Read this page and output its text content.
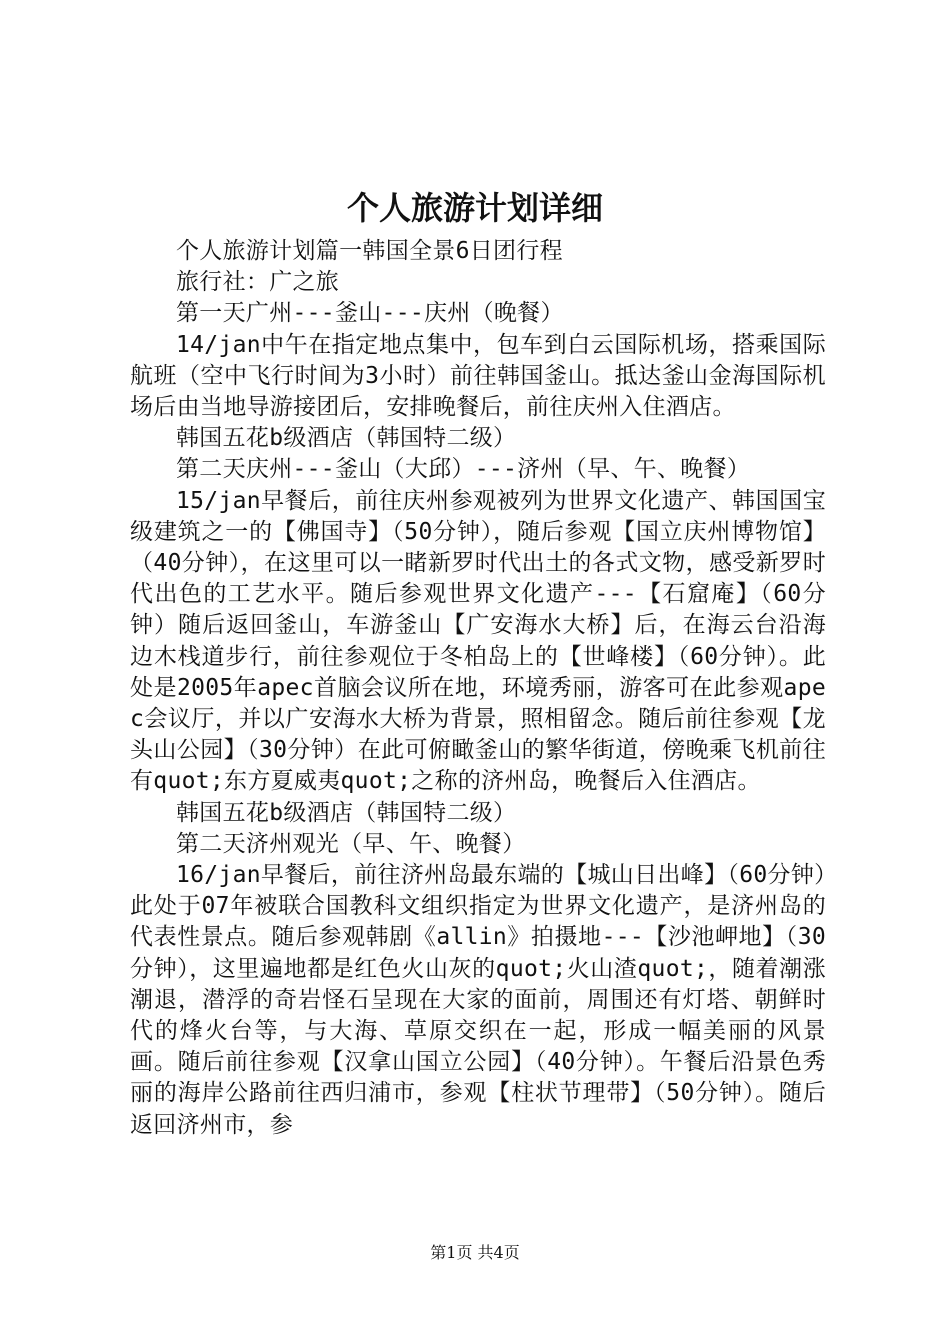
个人旅游计划详细

个人旅游计划篇一韩国全景6日团行程

旅行社：广之旅

第一天广州---釜山---庆州（晚餐）

14/jan中午在指定地点集中，包车到白云国际机场，搭乘国际航班（空中飞行时间为3小时）前往韩国釜山。抵达釜山金海国际机场后由当地导游接团后，安排晚餐后，前往庆州入住酒店。

韩国五花b级酒店（韩国特二级）

第二天庆州---釜山（大邱）---济州（早、午、晚餐）

15/jan早餐后，前往庆州参观被列为世界文化遗产、韩国国宝级建筑之一的【佛国寺】（50分钟），随后参观【国立庆州博物馆】（40分钟），在这里可以一睹新罗时代出土的各式文物，感受新罗时代出色的工艺水平。随后参观世界文化遗产---【石窟庵】（60分钟）随后返回釜山，车游釜山【广安海水大桥】后，在海云台沿海边木栈道步行，前往参观位于冬柏岛上的【世峰楼】（60分钟）。此处是2005年apec首脑会议所在地，环境秀丽，游客可在此参观apec会议厅，并以广安海水大桥为背景，照相留念。随后前往参观【龙头山公园】（30分钟）在此可俯瞰釜山的繁华街道，傍晚乘飞机前往有quot;东方夏威夷quot;之称的济州岛，晚餐后入住酒店。

韩国五花b级酒店（韩国特二级）

第二天济州观光（早、午、晚餐）

16/jan早餐后，前往济州岛最东端的【城山日出峰】（60分钟）此处于07年被联合国教科文组织指定为世界文化遗产，是济州岛的代表性景点。随后参观韩剧《allin》拍摄地---【沙池岬地】（30分钟），这里遍地都是红色火山灰的quot;火山渣quot;，随着潮涨潮退，潜浮的奇岩怪石呈现在大家的面前，周围还有灯塔、朝鲜时代的烽火台等，与大海、草原交织在一起，形成一幅美丽的风景画。随后前往参观【汉拿山国立公园】（40分钟）。午餐后沿景色秀丽的海岸公路前往西归浦市，参观【柱状节理带】（50分钟）。随后返回济州市，参

第1页 共4页
